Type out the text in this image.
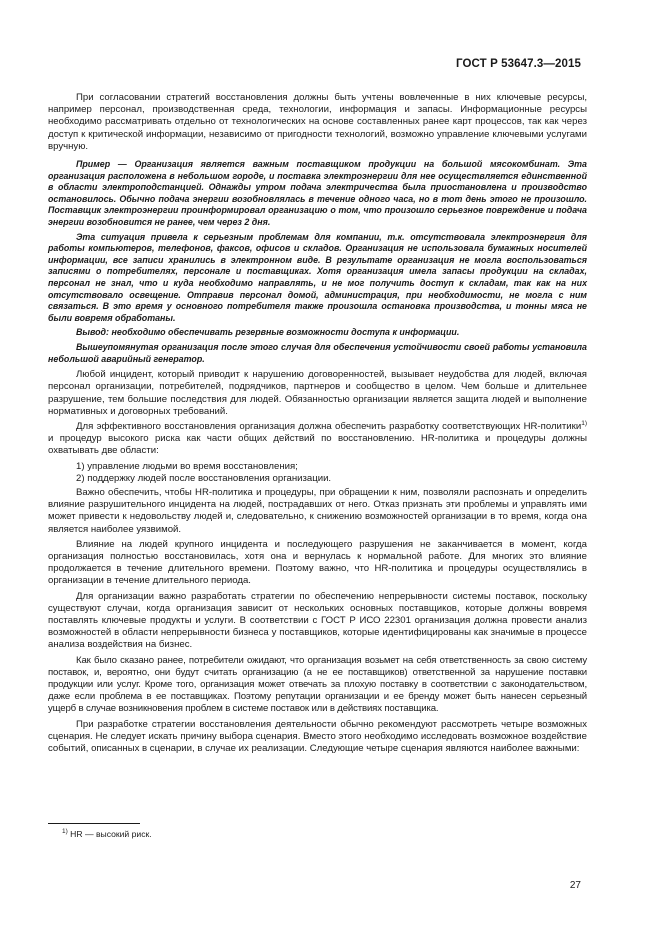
ГОСТ Р 53647.3—2015

При согласовании стратегий восстановления должны быть учтены вовлеченные в них ключевые ресурсы, например персонал, производственная среда, технологии, информация и запасы. Информационные ресурсы необходимо рассматривать отдельно от технологических на основе составленных ранее карт процессов, так как через доступ к критической информации, независимо от пригодности технологий, возможно управление ключевыми услугами вручную.

Пример — Организация является важным поставщиком продукции на большой мясокомбинат. Эта организация расположена в небольшом городе, и поставка электроэнергии для нее осуществляется единственной в области электроподстанцией. Однажды утром подача электричества была приостановлена и производство остановилось. Обычно подача энергии возобновлялась в течение одного часа, но в тот день этого не произошло. Поставщик электроэнергии проинформировал организацию о том, что произошло серьезное повреждение и подача энергии возобновится не ранее, чем через 2 дня.

Эта ситуация привела к серьезным проблемам для компании, т.к. отсутствовала электроэнергия для работы компьютеров, телефонов, факсов, офисов и складов. Организация не использовала бумажных носителей информации, все записи хранились в электронном виде. В результате организация не могла воспользоваться записями о потребителях, персонале и поставщиках. Хотя организация имела запасы продукции на складах, персонал не знал, что и куда необходимо направлять, и не мог получить доступ к складам, так как на них отсутствовало освещение. Отправив персонал домой, администрация, при необходимости, не могла с ним связаться. В это время у основного потребителя также произошла остановка производства, и тонны мяса не были вовремя обработаны.

Вывод: необходимо обеспечивать резервные возможности доступа к информации.

Вышеупомянутая организация после этого случая для обеспечения устойчивости своей работы установила небольшой аварийный генератор.

Любой инцидент, который приводит к нарушению договоренностей, вызывает неудобства для людей, включая персонал организации, потребителей, подрядчиков, партнеров и сообщество в целом. Чем больше и длительнее разрушение, тем большие последствия для людей. Обязанностью организации является защита людей и выполнение нормативных и договорных требований.

Для эффективного восстановления организация должна обеспечить разработку соответствующих HR-политики$^{1)}$ и процедур высокого риска как части общих действий по восстановлению. HR-политика и процедуры должны охватывать две области:

1) управление людьми во время восстановления;
2) поддержку людей после восстановления организации.

Важно обеспечить, чтобы HR-политика и процедуры, при обращении к ним, позволяли распознать и определить влияние разрушительного инцидента на людей, пострадавших от него. Отказ признать эти проблемы и управлять ими может привести к недовольству людей и, следовательно, к снижению возможностей организации в то время, когда она является наиболее уязвимой.

Влияние на людей крупного инцидента и последующего разрушения не заканчивается в момент, когда организация полностью восстановилась, хотя она и вернулась к нормальной работе. Для многих это влияние продолжается в течение длительного времени. Поэтому важно, что HR-политика и процедуры осуществлялись в организации в течение длительного периода.

Для организации важно разработать стратегии по обеспечению непрерывности системы поставок, поскольку существуют случаи, когда организация зависит от нескольких основных поставщиков, которые должны вовремя поставлять ключевые продукты и услуги. В соответствии с ГОСТ Р ИСО 22301 организация должна провести анализ возможностей в области непрерывности бизнеса у поставщиков, которые идентифицированы как значимые в процессе анализа воздействия на бизнес.

Как было сказано ранее, потребители ожидают, что организация возьмет на себя ответственность за свою систему поставок, и, вероятно, они будут считать организацию (а не ее поставщиков) ответственной за нарушение поставки продукции или услуг. Кроме того, организация может отвечать за плохую поставку в соответствии с законодательством, даже если проблема в ее поставщиках. Поэтому репутации организации и ее бренду может быть нанесен серьезный ущерб в случае возникновения проблем в системе поставок или в действиях поставщика.

При разработке стратегии восстановления деятельности обычно рекомендуют рассмотреть четыре возможных сценария. Не следует искать причину выбора сценария. Вместо этого необходимо исследовать возможное воздействие событий, описанных в сценарии, в случае их реализации. Следующие четыре сценария являются наиболее важными:

$^{1)}$ HR — высокий риск.
27
